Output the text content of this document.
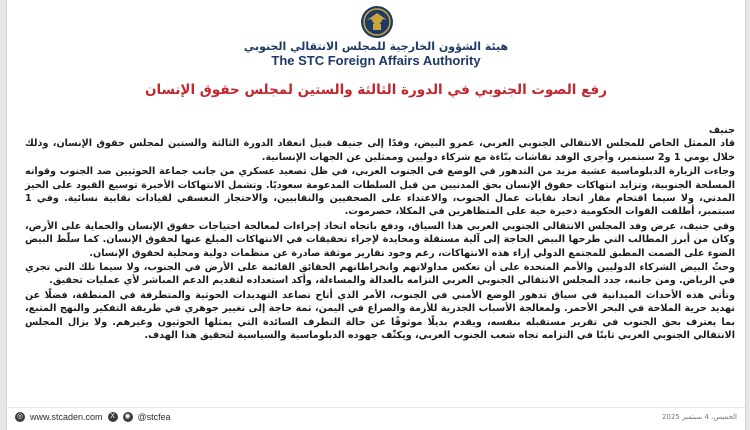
هيئة الشؤون الخارجية للمجلس الانتقالي الجنوبي
The STC Foreign Affairs Authority
رفع الصوت الجنوبي في الدورة الثالثة والستين لمجلس حقوق الإنسان

جنيف

قاد الممثل الخاص للمجلس الانتقالي الجنوبي العربي، عمرو البيض، وفدًا إلى جنيف قبيل انعقاد الدورة الثالثة والستين لمجلس حقوق الإنسان، وذلك خلال يومي 1 و2 سبتمبر، وأجرى الوفد نقاشات بنّاءة مع شركاء دوليين وممثلين عن الجهات الإنسانية.

وجاءت الزيارة الدبلوماسية عشية مزيد من التدهور في الوضع في الجنوب العربي، في ظل تصعيد عسكري من جانب جماعة الحوثيين ضد الجنوب وقواته المسلحة الجنوبية، وتزايد انتهاكات حقوق الإنسان بحق المدنيين من قبل السلطات المدعومة سعوديًا. وتشمل الانتهاكات الأخيرة توسيع القيود على الحيز المدني، ولا سيما اقتحام مقار اتحاد نقابات عمال الجنوب، والاعتداء على الصحفيين والنقابيين، والاحتجاز التعسفي لقيادات نقابية نسائية. وفي 1 سبتمبر، أطلقت القوات الحكومية ذخيرة حية على المتظاهرين في المكلا، حضرموت.

وفي جنيف، عرض وفد المجلس الانتقالي الجنوبي العربي هذا السياق، ودفع باتجاه اتخاذ إجراءات لمعالجة احتياجات حقوق الإنسان والحماية على الأرض، وكان من أبرز المطالب التي طرحها البيض الحاجة إلى آلية مستقلة ومحايدة لإجراء تحقيقات في الانتهاكات المبلغ عنها لحقوق الإنسان. كما سلّط البيض الضوء على الصمت المطبق للمجتمع الدولي إزاء هذه الانتهاكات، رغم وجود تقارير موثقة صادرة عن منظمات دولية ومحلية لحقوق الإنسان.

وحثّ البيض الشركاء الدوليين والأمم المتحدة على أن تعكس مداولاتهم وانخراطاتهم الحقائق القائمة على الأرض في الجنوب، ولا سيما تلك التي تجري في الرياض. ومن جانبه، جدد المجلس الانتقالي الجنوبي العربي التزامه بالعدالة والمساءلة، وأكد استعداده لتقديم الدعم المباشر لأي عمليات تحقيق.

وتأتي هذه الأحداث الميدانية في سياق تدهور الوضع الأمني في الجنوب، الأمر الذي أتاح تصاعد التهديدات الحوثية والمتطرفة في المنطقة، فضلًا عن تهديد حرية الملاحة في البحر الأحمر. ولمعالجة الأسباب الجذرية للأزمة والصراع في اليمن، ثمة حاجة إلى تغيير جوهري في طريقة التفكير والنهج المتبع، بما يعترف بحق الجنوب في تقرير مستقبله بنفسه، ويقدم بديلًا موثوقًا عن حالة التطرف السائدة التي يمثلها الحوثيون وغيرهم. ولا يزال المجلس الانتقالي الجنوبي العربي ثابتًا في التزامه تجاه شعب الجنوب العربي، ويكثّف جهوده الدبلوماسية والسياسية لتحقيق هذا الهدف.

◎ www.stcaden.com	X	◉ @stcfea	الخميس، 4 سبتمبر 2025
